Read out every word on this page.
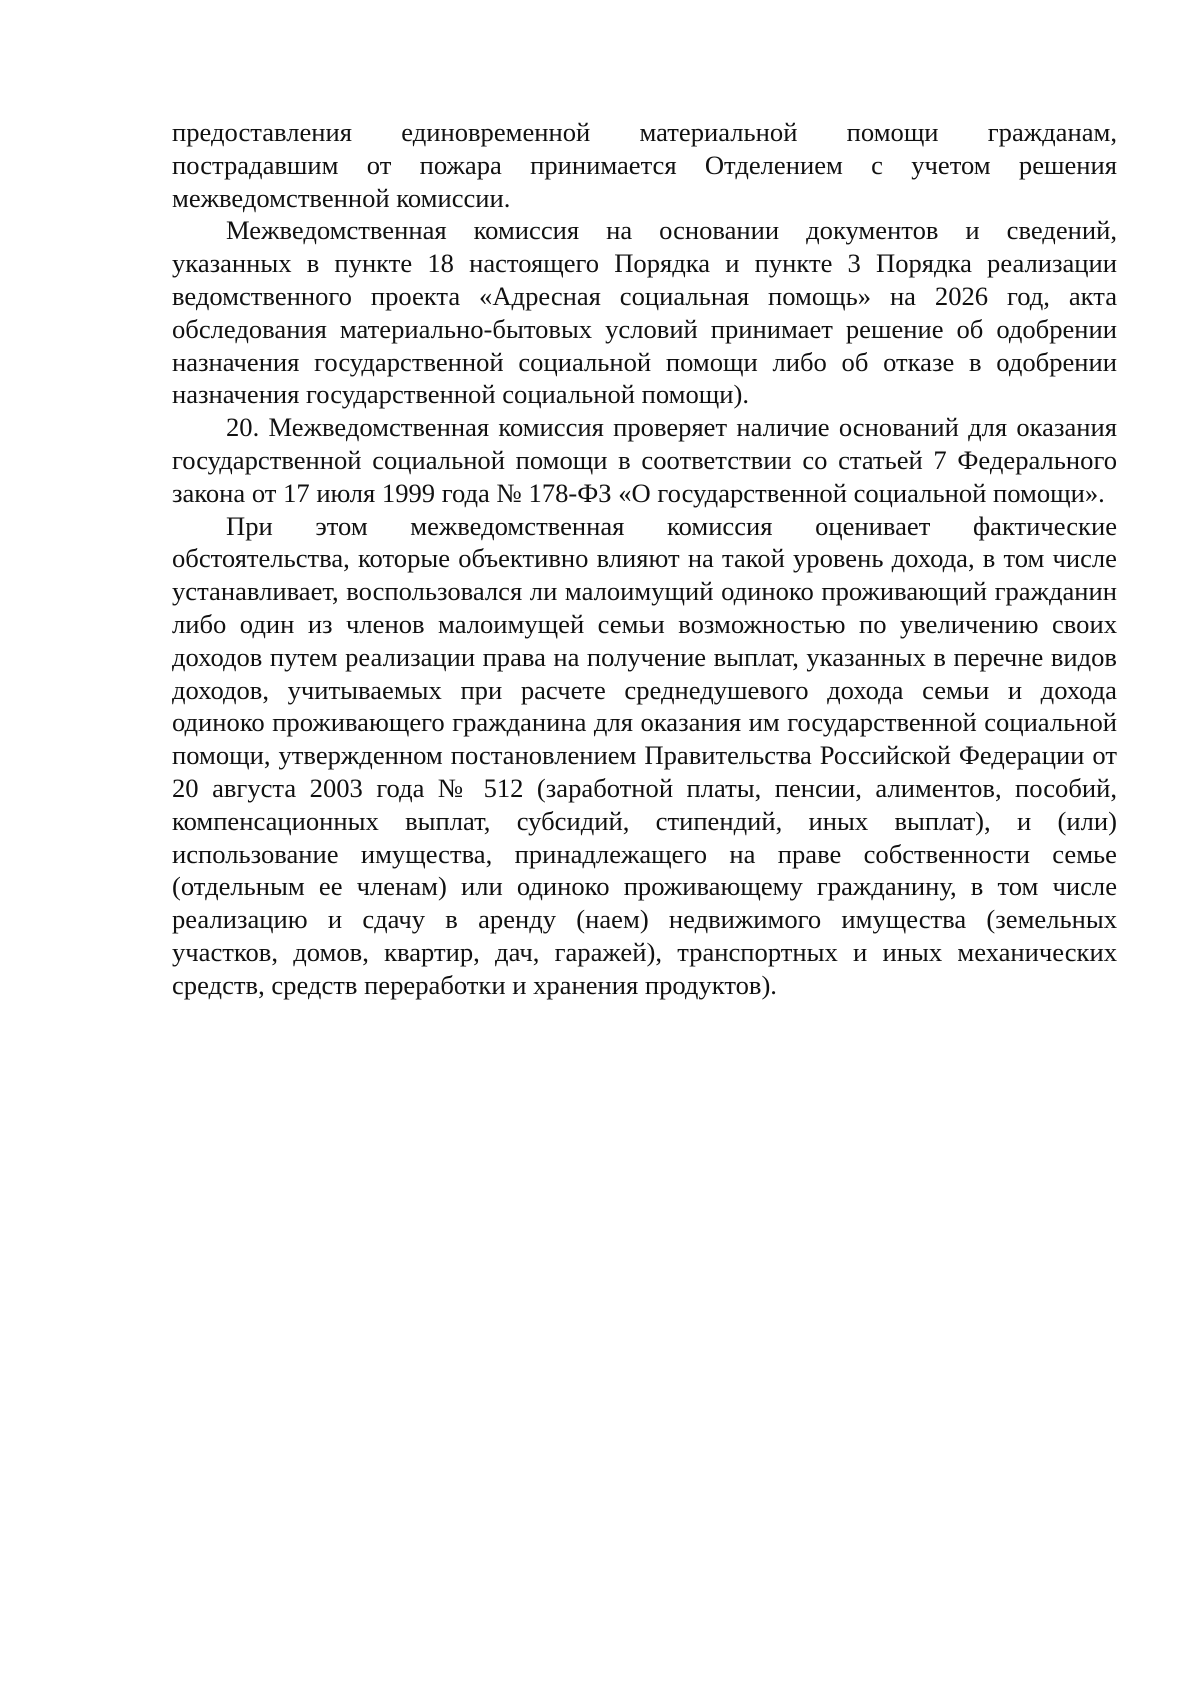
предоставления единовременной материальной помощи гражданам, пострадавшим от пожара принимается Отделением с учетом решения межведомственной комиссии.

Межведомственная комиссия на основании документов и сведений, указанных в пункте 18 настоящего Порядка и пункте 3 Порядка реализации ведомственного проекта «Адресная социальная помощь» на 2026 год, акта обследования материально-бытовых условий принимает решение об одобрении назначения государственной социальной помощи либо об отказе в одобрении назначения государственной социальной помощи).

20. Межведомственная комиссия проверяет наличие оснований для оказания государственной социальной помощи в соответствии со статьей 7 Федерального закона от 17 июля 1999 года № 178-ФЗ «О государственной социальной помощи».

При этом межведомственная комиссия оценивает фактические обстоятельства, которые объективно влияют на такой уровень дохода, в том числе устанавливает, воспользовался ли малоимущий одиноко проживающий гражданин либо один из членов малоимущей семьи возможностью по увеличению своих доходов путем реализации права на получение выплат, указанных в перечне видов доходов, учитываемых при расчете среднедушевого дохода семьи и дохода одиноко проживающего гражданина для оказания им государственной социальной помощи, утвержденном постановлением Правительства Российской Федерации от 20 августа 2003 года № 512 (заработной платы, пенсии, алиментов, пособий, компенсационных выплат, субсидий, стипендий, иных выплат), и (или) использование имущества, принадлежащего на праве собственности семье (отдельным ее членам) или одиноко проживающему гражданину, в том числе реализацию и сдачу в аренду (наем) недвижимого имущества (земельных участков, домов, квартир, дач, гаражей), транспортных и иных механических средств, средств переработки и хранения продуктов).
